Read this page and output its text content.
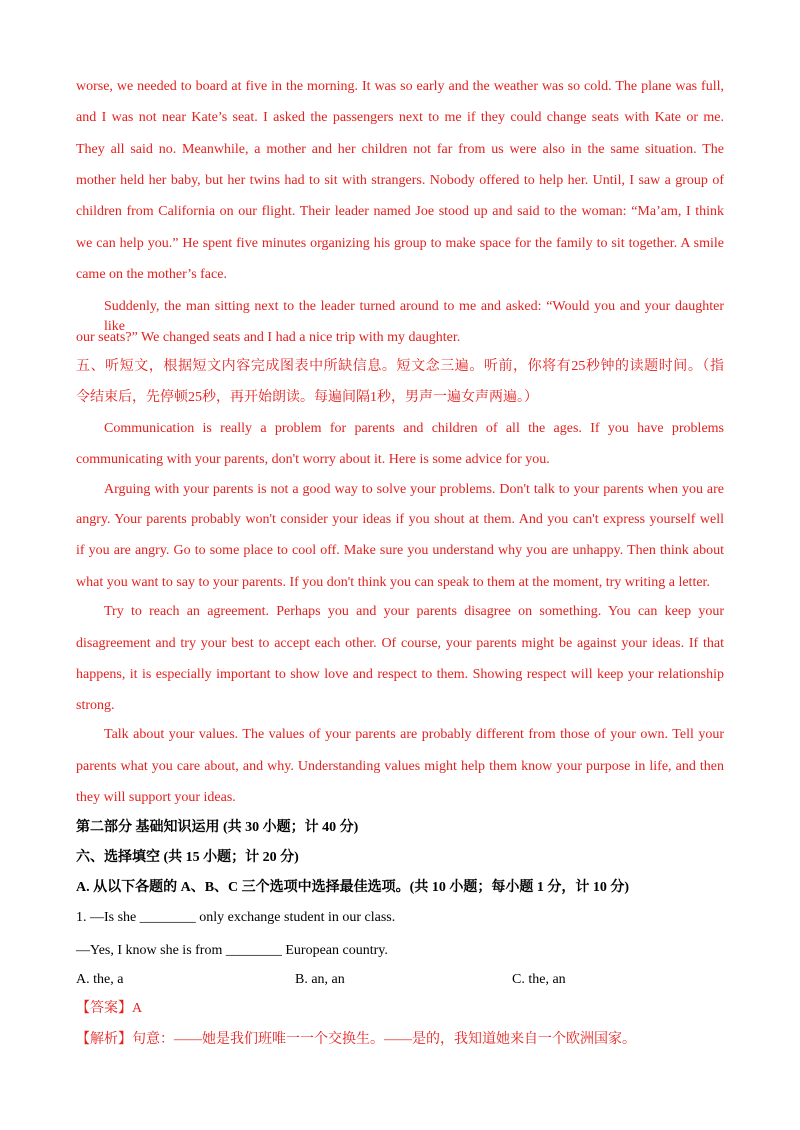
worse, we needed to board at five in the morning. It was so early and the weather was so cold. The plane was full,
and I was not near Kate’s seat. I asked the passengers next to me if they could change seats with Kate or me.
They all said no. Meanwhile, a mother and her children not far from us were also in the same situation. The
mother held her baby, but her twins had to sit with strangers. Nobody offered to help her. Until, I saw a group of
children from California on our flight. Their leader named Joe stood up and said to the woman: “Ma’am, I think
we can help you.” He spent five minutes organizing his group to make space for the family to sit together. A smile
came on the mother’s face.
Suddenly, the man sitting next to the leader turned around to me and asked: “Would you and your daughter like
our seats?” We changed seats and I had a nice trip with my daughter.
五、听短文，根据短文内容完成图表中所缺信息。短文念三遍。听前，你将有25秒钟的读题时间。（指
令结束后，先停顿25秒，再开始朗读。每遍间隔1秒，男声一遍女声两遍。）
Communication is really a problem for parents and children of all the ages. If you have problems
communicating with your parents, don't worry about it. Here is some advice for you.
Arguing with your parents is not a good way to solve your problems. Don't talk to your parents when you are
angry. Your parents probably won't consider your ideas if you shout at them. And you can't express yourself well
if you are angry. Go to some place to cool off. Make sure you understand why you are unhappy. Then think about
what you want to say to your parents. If you don't think you can speak to them at the moment, try writing a letter.
Try to reach an agreement. Perhaps you and your parents disagree on something. You can keep your
disagreement and try your best to accept each other. Of course, your parents might be against your ideas. If that
happens, it is especially important to show love and respect to them. Showing respect will keep your relationship
strong.
Talk about your values. The values of your parents are probably different from those of your own. Tell your
parents what you care about, and why. Understanding values might help them know your purpose in life, and then
they will support your ideas.
第二部分 基础知识运用 (共 30 小题；计 40 分)
六、选择填空 (共 15 小题；计 20 分)
A. 从以下各题的 A、B、C 三个选项中选择最佳选项。(共 10 小题；每小题 1 分，计 10 分)
1. —Is she ________ only exchange student in our class.
—Yes, I know she is from ________ European country.
A. the, a	B. an, an	C. the, an
【答案】A
【解析】句意：——她是我们班唯一一个交换生。——是的，我知道她来自一个欧洲国家。
